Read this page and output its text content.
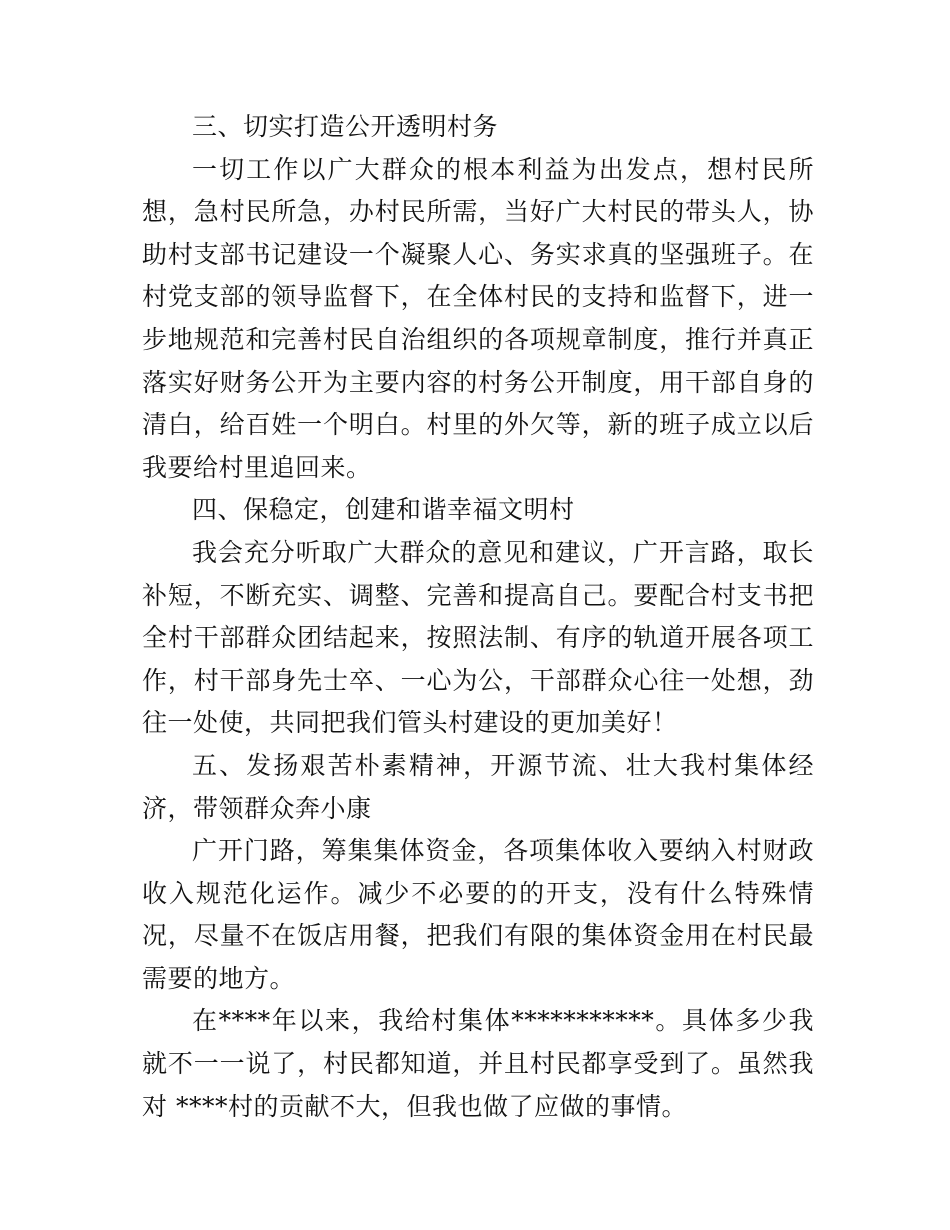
三、切实打造公开透明村务

一切工作以广大群众的根本利益为出发点，想村民所想，急村民所急，办村民所需，当好广大村民的带头人，协助村支部书记建设一个凝聚人心、务实求真的坚强班子。在村党支部的领导监督下，在全体村民的支持和监督下，进一步地规范和完善村民自治组织的各项规章制度，推行并真正落实好财务公开为主要内容的村务公开制度，用干部自身的清白，给百姓一个明白。村里的外欠等，新的班子成立以后我要给村里追回来。

四、保稳定，创建和谐幸福文明村

我会充分听取广大群众的意见和建议，广开言路，取长补短，不断充实、调整、完善和提高自己。要配合村支书把全村干部群众团结起来，按照法制、有序的轨道开展各项工作，村干部身先士卒、一心为公，干部群众心往一处想，劲往一处使，共同把我们管头村建设的更加美好！

五、发扬艰苦朴素精神，开源节流、壮大我村集体经济，带领群众奔小康

广开门路，筹集集体资金，各项集体收入要纳入村财政收入规范化运作。减少不必要的的开支，没有什么特殊情况，尽量不在饭店用餐，把我们有限的集体资金用在村民最需要的地方。

在****年以来，我给村集体***********。具体多少我就不一一说了，村民都知道，并且村民都享受到了。虽然我对 ****村的贡献不大，但我也做了应做的事情。
